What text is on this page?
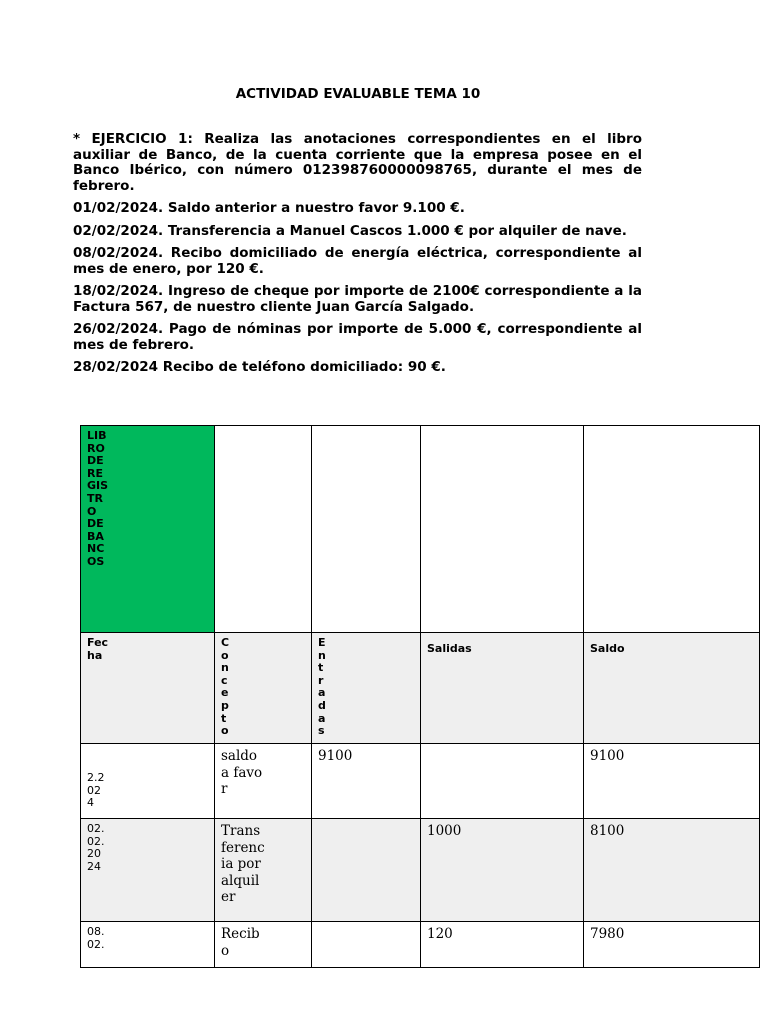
ACTIVIDAD EVALUABLE TEMA 10

* EJERCICIO 1: Realiza las anotaciones correspondientes en el libro auxiliar de Banco, de la cuenta corriente que la empresa posee en el Banco Ibérico, con número 012398760000098765, durante el mes de febrero.

01/02/2024. Saldo anterior a nuestro favor 9.100 €.

02/02/2024. Transferencia a Manuel Cascos 1.000 € por alquiler de nave.

08/02/2024. Recibo domiciliado de energía eléctrica, correspondiente al mes de enero, por 120 €.

18/02/2024. Ingreso de cheque por importe de 2100€ correspondiente a la Factura 567, de nuestro cliente Juan García Salgado.

26/02/2024. Pago de nóminas por importe de 5.000 €, correspondiente al mes de febrero.

28/02/2024 Recibo de teléfono domiciliado: 90 €.

LIBRO DE REGISTRO DE BANCOS				

Fecha	Concepto	Entradas	Salidas	Saldo

2.2024	saldo a favor	9100		9100

02.02.2024	Transferencia por alquiler		1000	8100

08.02.	Recibo		120	7980
